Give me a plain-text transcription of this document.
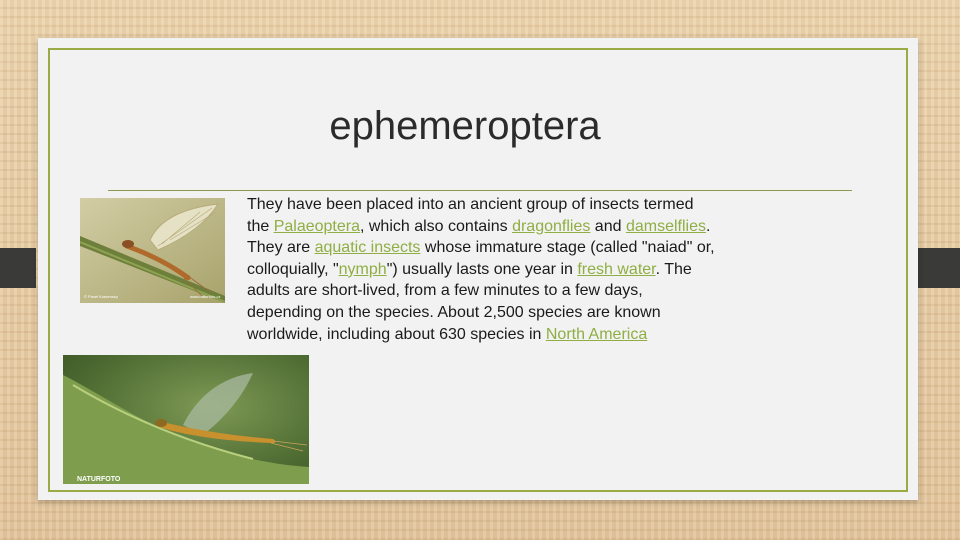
ephemeroptera
© Pavel Krasensky	www.naturfoto.cz
NATURFOTO
They have been placed into an ancient group of insects termed the Palaeoptera, which also contains dragonflies and damselflies. They are aquatic insects whose immature stage (called "naiad" or, colloquially, "nymph") usually lasts one year in fresh water. The adults are short-lived, from a few minutes to a few days, depending on the species. About 2,500 species are known worldwide, including about 630 species in North America
